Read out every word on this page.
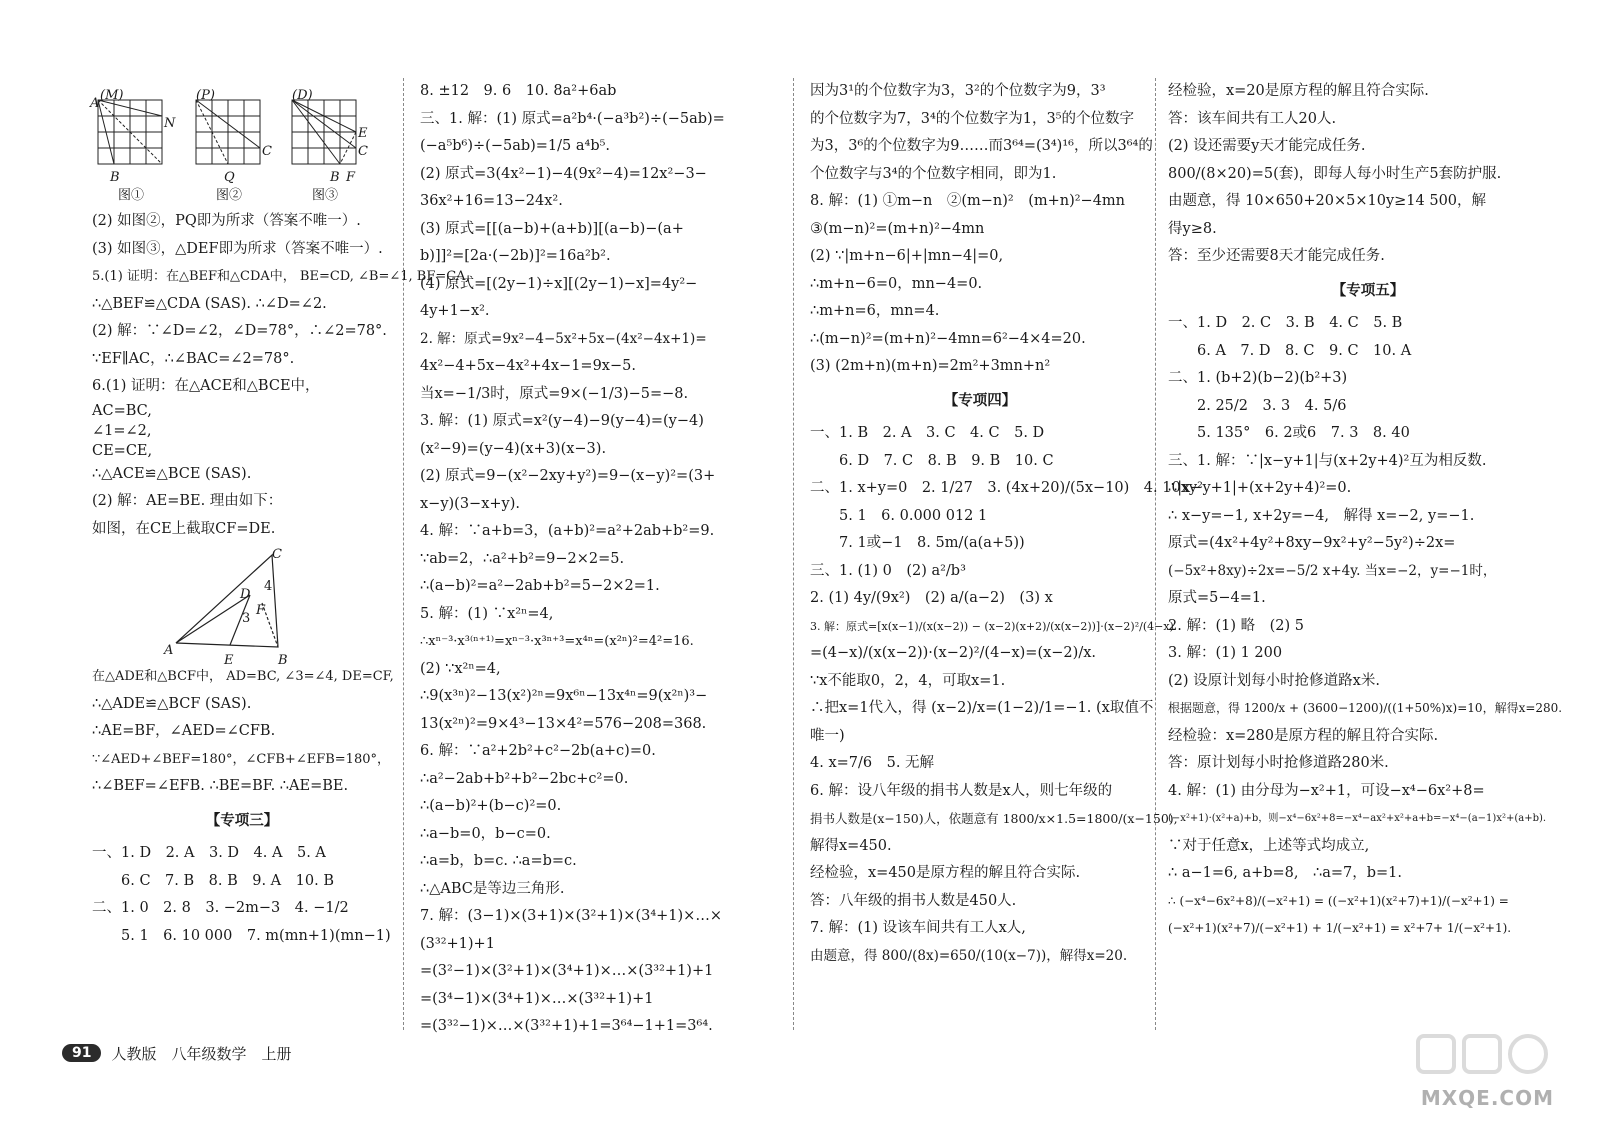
A
(M)
N
B
(P)
C
Q
(D)
E
C
B F
图①	图②	图③

(2) 如图②，PQ即为所求（答案不唯一）.

(3) 如图③，△DEF即为所求（答案不唯一）.

5.(1) 证明：在△BEF和△CDA中， BE=CD, ∠B=∠1, BF=CA,

∴△BEF≌△CDA (SAS). ∴∠D=∠2.

(2) 解：∵∠D=∠2，∠D=78°，∴∠2=78°.

∵EF∥AC，∴∠BAC=∠2=78°.

6.(1) 证明：在△ACE和△BCE中，

AC=BC,

∠1=∠2,

CE=CE,

∴△ACE≌△BCE (SAS).

(2) 解：AE=BE. 理由如下：

如图，在CE上截取CF=DE.

C
D
4
F
3
A
E	B

在△ADE和△BCF中， AD=BC, ∠3=∠4, DE=CF,

∴△ADE≌△BCF (SAS).

∴AE=BF，∠AED=∠CFB.

∵∠AED+∠BEF=180°，∠CFB+∠EFB=180°，

∴∠BEF=∠EFB. ∴BE=BF. ∴AE=BE.

【专项三】

一、1. D　2. A　3. D　4. A　5. A

　　6. C　7. B　8. B　9. A　10. B

二、1. 0　2. 8　3. −2m−3　4. −1/2

　　5. 1　6. 10 000　7. m(mn+1)(mn−1)

8. ±12　9. 6　10. 8a²+6ab

三、1. 解：(1) 原式=a²b⁴·(−a³b²)÷(−5ab)=

(−a⁵b⁶)÷(−5ab)=1/5 a⁴b⁵.

(2) 原式=3(4x²−1)−4(9x²−4)=12x²−3−

36x²+16=13−24x².

(3) 原式=[[(a−b)+(a+b)][(a−b)−(a+

b)]]²=[2a·(−2b)]²=16a²b².

(4) 原式=[(2y−1)÷x][(2y−1)−x]=4y²−

4y+1−x².

2. 解：原式=9x²−4−5x²+5x−(4x²−4x+1)=

4x²−4+5x−4x²+4x−1=9x−5.

当x=−1/3时，原式=9×(−1/3)−5=−8.

3. 解：(1) 原式=x²(y−4)−9(y−4)=(y−4)

(x²−9)=(y−4)(x+3)(x−3).

(2) 原式=9−(x²−2xy+y²)=9−(x−y)²=(3+

x−y)(3−x+y).

4. 解：∵a+b=3，(a+b)²=a²+2ab+b²=9.

∵ab=2，∴a²+b²=9−2×2=5.

∴(a−b)²=a²−2ab+b²=5−2×2=1.

5. 解：(1) ∵x²ⁿ=4,

∴xⁿ⁻³·x³⁽ⁿ⁺¹⁾=xⁿ⁻³·x³ⁿ⁺³=x⁴ⁿ=(x²ⁿ)²=4²=16.

(2) ∵x²ⁿ=4,

∴9(x³ⁿ)²−13(x²)²ⁿ=9x⁶ⁿ−13x⁴ⁿ=9(x²ⁿ)³−

13(x²ⁿ)²=9×4³−13×4²=576−208=368.

6. 解：∵a²+2b²+c²−2b(a+c)=0.

∴a²−2ab+b²+b²−2bc+c²=0.

∴(a−b)²+(b−c)²=0.

∴a−b=0，b−c=0.

∴a=b，b=c. ∴a=b=c.

∴△ABC是等边三角形.

7. 解：(3−1)×(3+1)×(3²+1)×(3⁴+1)×…×

(3³²+1)+1

=(3²−1)×(3²+1)×(3⁴+1)×…×(3³²+1)+1

=(3⁴−1)×(3⁴+1)×…×(3³²+1)+1

=(3³²−1)×…×(3³²+1)+1=3⁶⁴−1+1=3⁶⁴.

因为3¹的个位数字为3，3²的个位数字为9，3³

的个位数字为7，3⁴的个位数字为1，3⁵的个位数字

为3，3⁶的个位数字为9……而3⁶⁴=(3⁴)¹⁶，所以3⁶⁴的

个位数字与3⁴的个位数字相同，即为1.

8. 解：(1) ①m−n　②(m−n)²　(m+n)²−4mn

③(m−n)²=(m+n)²−4mn

(2) ∵|m+n−6|+|mn−4|=0,

∴m+n−6=0，mn−4=0.

∴m+n=6，mn=4.

∴(m−n)²=(m+n)²−4mn=6²−4×4=20.

(3) (2m+n)(m+n)=2m²+3mn+n²

【专项四】

一、1. B　2. A　3. C　4. C　5. D

　　6. D　7. C　8. B　9. B　10. C

二、1. x+y=0　2. 1/27　3. (4x+20)/(5x−10)　4. 10xy²

　　5. 1　6. 0.000 012 1

　　7. 1或−1　8. 5m/(a(a+5))

三、1. (1) 0　(2) a²/b³

2. (1) 4y/(9x²)　(2) a/(a−2)　(3) x

3. 解：原式=[x(x−1)/(x(x−2)) − (x−2)(x+2)/(x(x−2))]·(x−2)²/(4−x)

=(4−x)/(x(x−2))·(x−2)²/(4−x)=(x−2)/x.

∵x不能取0，2，4，可取x=1.

∴把x=1代入，得 (x−2)/x=(1−2)/1=−1. (x取值不

唯一)

4. x=7/6　5. 无解

6. 解：设八年级的捐书人数是x人，则七年级的

捐书人数是(x−150)人，依题意有 1800/x×1.5=1800/(x−150),

解得x=450.

经检验，x=450是原方程的解且符合实际.

答：八年级的捐书人数是450人.

7. 解：(1) 设该车间共有工人x人,

由题意，得 800/(8x)=650/(10(x−7))，解得x=20.

经检验，x=20是原方程的解且符合实际.

答：该车间共有工人20人.

(2) 设还需要y天才能完成任务.

800/(8×20)=5(套)，即每人每小时生产5套防护服.

由题意，得 10×650+20×5×10y≥14 500，解

得y≥8.

答：至少还需要8天才能完成任务.

【专项五】

一、1. D　2. C　3. B　4. C　5. B

　　6. A　7. D　8. C　9. C　10. A

二、1. (b+2)(b−2)(b²+3)

　　2. 25/2　3. 3　4. 5/6

　　5. 135°　6. 2或6　7. 3　8. 40

三、1. 解：∵|x−y+1|与(x+2y+4)²互为相反数.

∴|x−y+1|+(x+2y+4)²=0.

∴ x−y=−1, x+2y=−4,　解得 x=−2, y=−1.

原式=(4x²+4y²+8xy−9x²+y²−5y²)÷2x=

(−5x²+8xy)÷2x=−5/2 x+4y. 当x=−2，y=−1时，

原式=5−4=1.

2. 解：(1) 略　(2) 5

3. 解：(1) 1 200

(2) 设原计划每小时抢修道路x米.

根据题意，得 1200/x + (3600−1200)/((1+50%)x)=10，解得x=280.

经检验：x=280是原方程的解且符合实际.

答：原计划每小时抢修道路280米.

4. 解：(1) 由分母为−x²+1，可设−x⁴−6x²+8=

(−x²+1)·(x²+a)+b，则−x⁴−6x²+8=−x⁴−ax²+x²+a+b=−x⁴−(a−1)x²+(a+b).

∵对于任意x，上述等式均成立,

∴ a−1=6, a+b=8,　∴a=7，b=1.

∴ (−x⁴−6x²+8)/(−x²+1) = ((−x²+1)(x²+7)+1)/(−x²+1) =

(−x²+1)(x²+7)/(−x²+1) + 1/(−x²+1) = x²+7+ 1/(−x²+1).

91	人教版　八年级数学　上册
MXQE.COM
